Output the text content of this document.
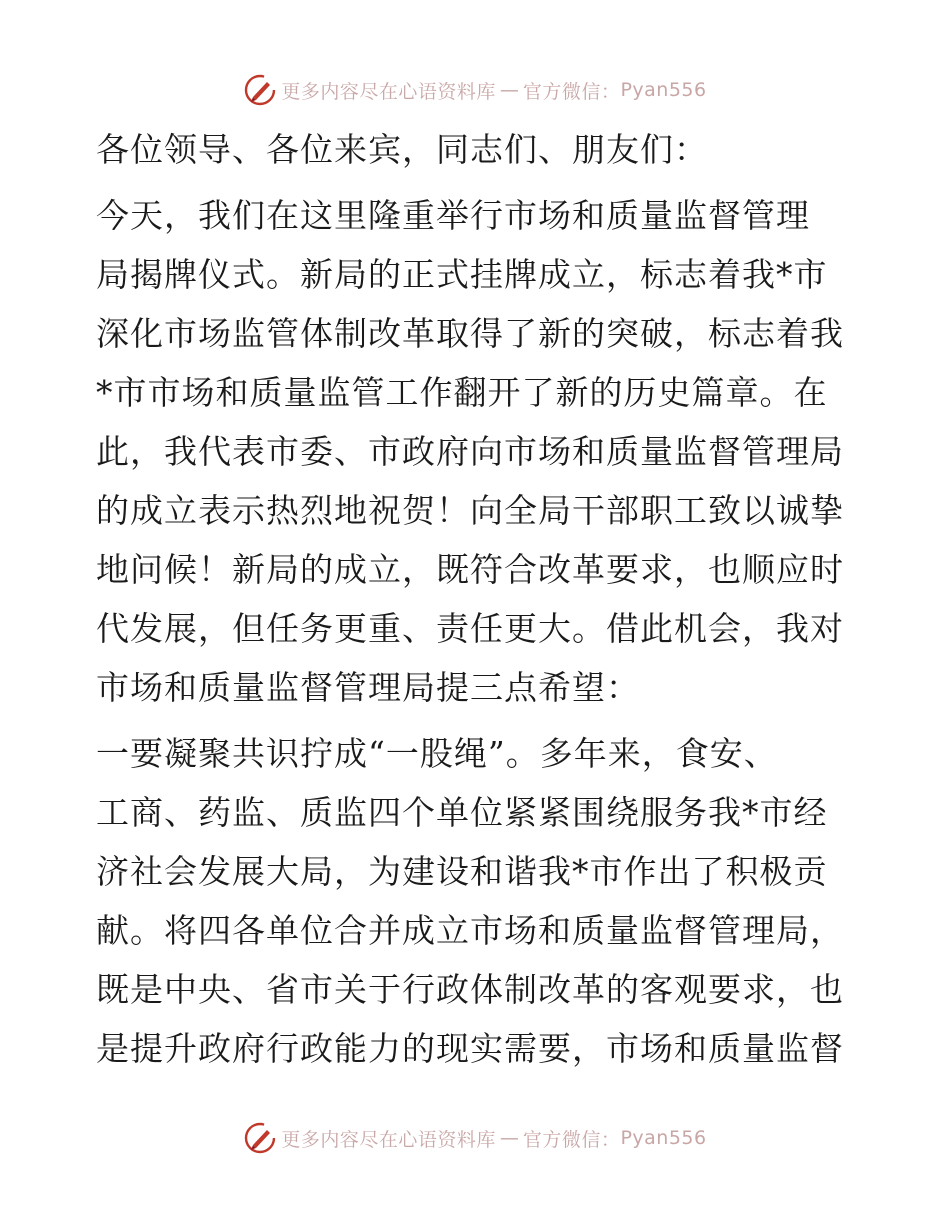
更多内容尽在心语资料库 — 官方微信： Pyan556
各位领导、各位来宾，同志们、朋友们：
今天，我们在这里隆重举行市场和质量监督管理
局揭牌仪式。新局的正式挂牌成立，标志着我*市
深化市场监管体制改革取得了新的突破，标志着我
*市市场和质量监管工作翻开了新的历史篇章。在
此，我代表市委、市政府向市场和质量监督管理局
的成立表示热烈地祝贺！向全局干部职工致以诚挚
地问候！新局的成立，既符合改革要求，也顺应时
代发展，但任务更重、责任更大。借此机会，我对
市场和质量监督管理局提三点希望：
一要凝聚共识拧成“一股绳”。多年来，食安、
工商、药监、质监四个单位紧紧围绕服务我*市经
济社会发展大局，为建设和谐我*市作出了积极贡
献。将四各单位合并成立市场和质量监督管理局，
既是中央、省市关于行政体制改革的客观要求，也
是提升政府行政能力的现实需要，市场和质量监督
更多内容尽在心语资料库 — 官方微信： Pyan556
